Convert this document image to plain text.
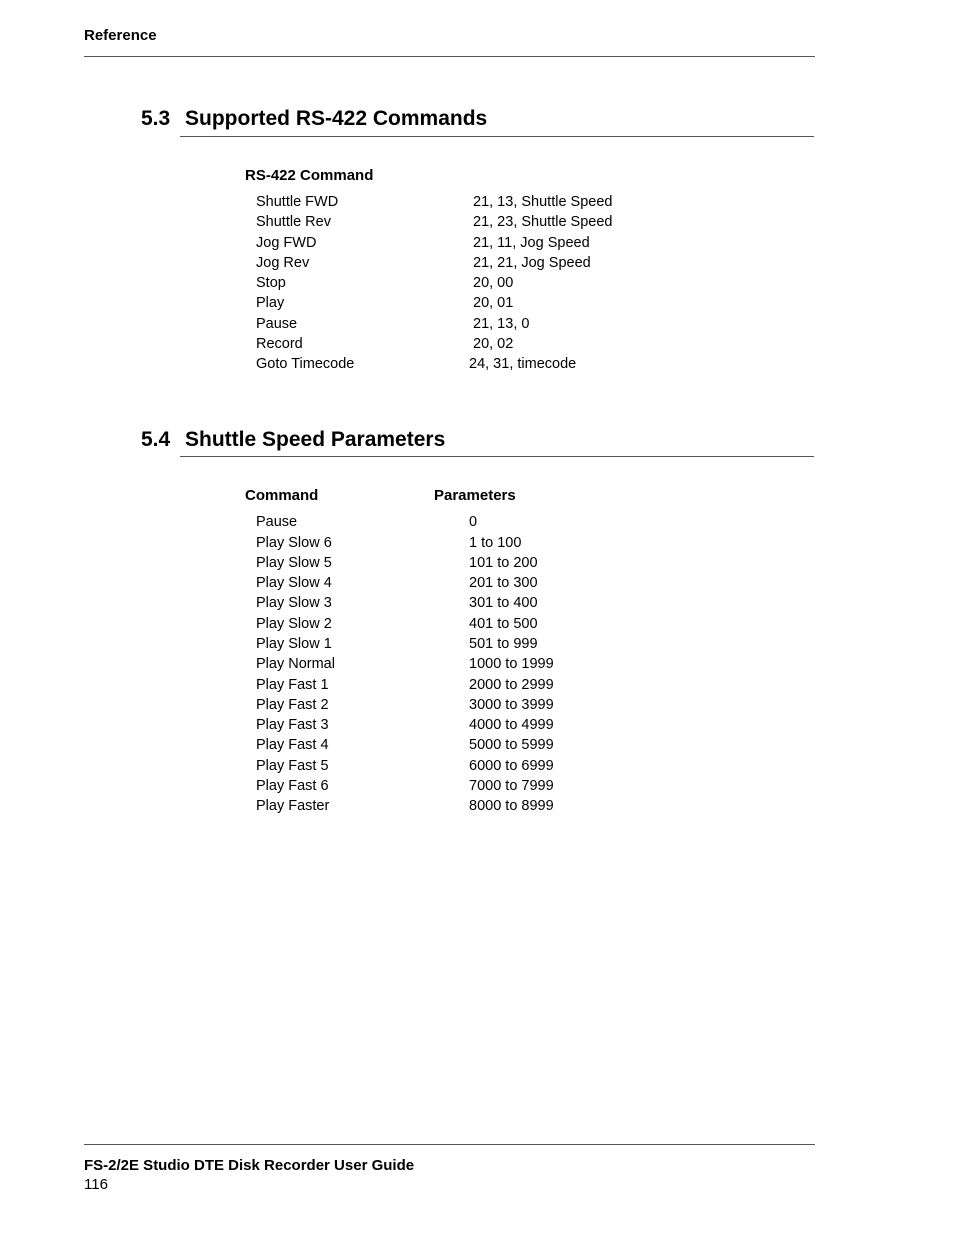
Reference
5.3 Supported RS-422 Commands
RS-422 Command
Shuttle FWD	21, 13, Shuttle Speed
Shuttle Rev	21, 23, Shuttle Speed
Jog FWD	21, 11, Jog Speed
Jog Rev	21, 21, Jog Speed
Stop	20, 00
Play	20, 01
Pause	21, 13, 0
Record	20, 02
Goto Timecode	24, 31, timecode
5.4 Shuttle Speed Parameters
Command	Parameters
Pause	0
Play Slow 6	1 to 100
Play Slow 5	101 to 200
Play Slow 4	201 to 300
Play Slow 3	301 to 400
Play Slow 2	401 to 500
Play Slow 1	501 to 999
Play Normal	1000 to 1999
Play Fast 1	2000 to 2999
Play Fast 2	3000 to 3999
Play Fast 3	4000 to 4999
Play Fast 4	5000 to 5999
Play Fast 5	6000 to 6999
Play Fast 6	7000 to 7999
Play Faster	8000 to 8999
FS-2/2E Studio DTE Disk Recorder User Guide
116
